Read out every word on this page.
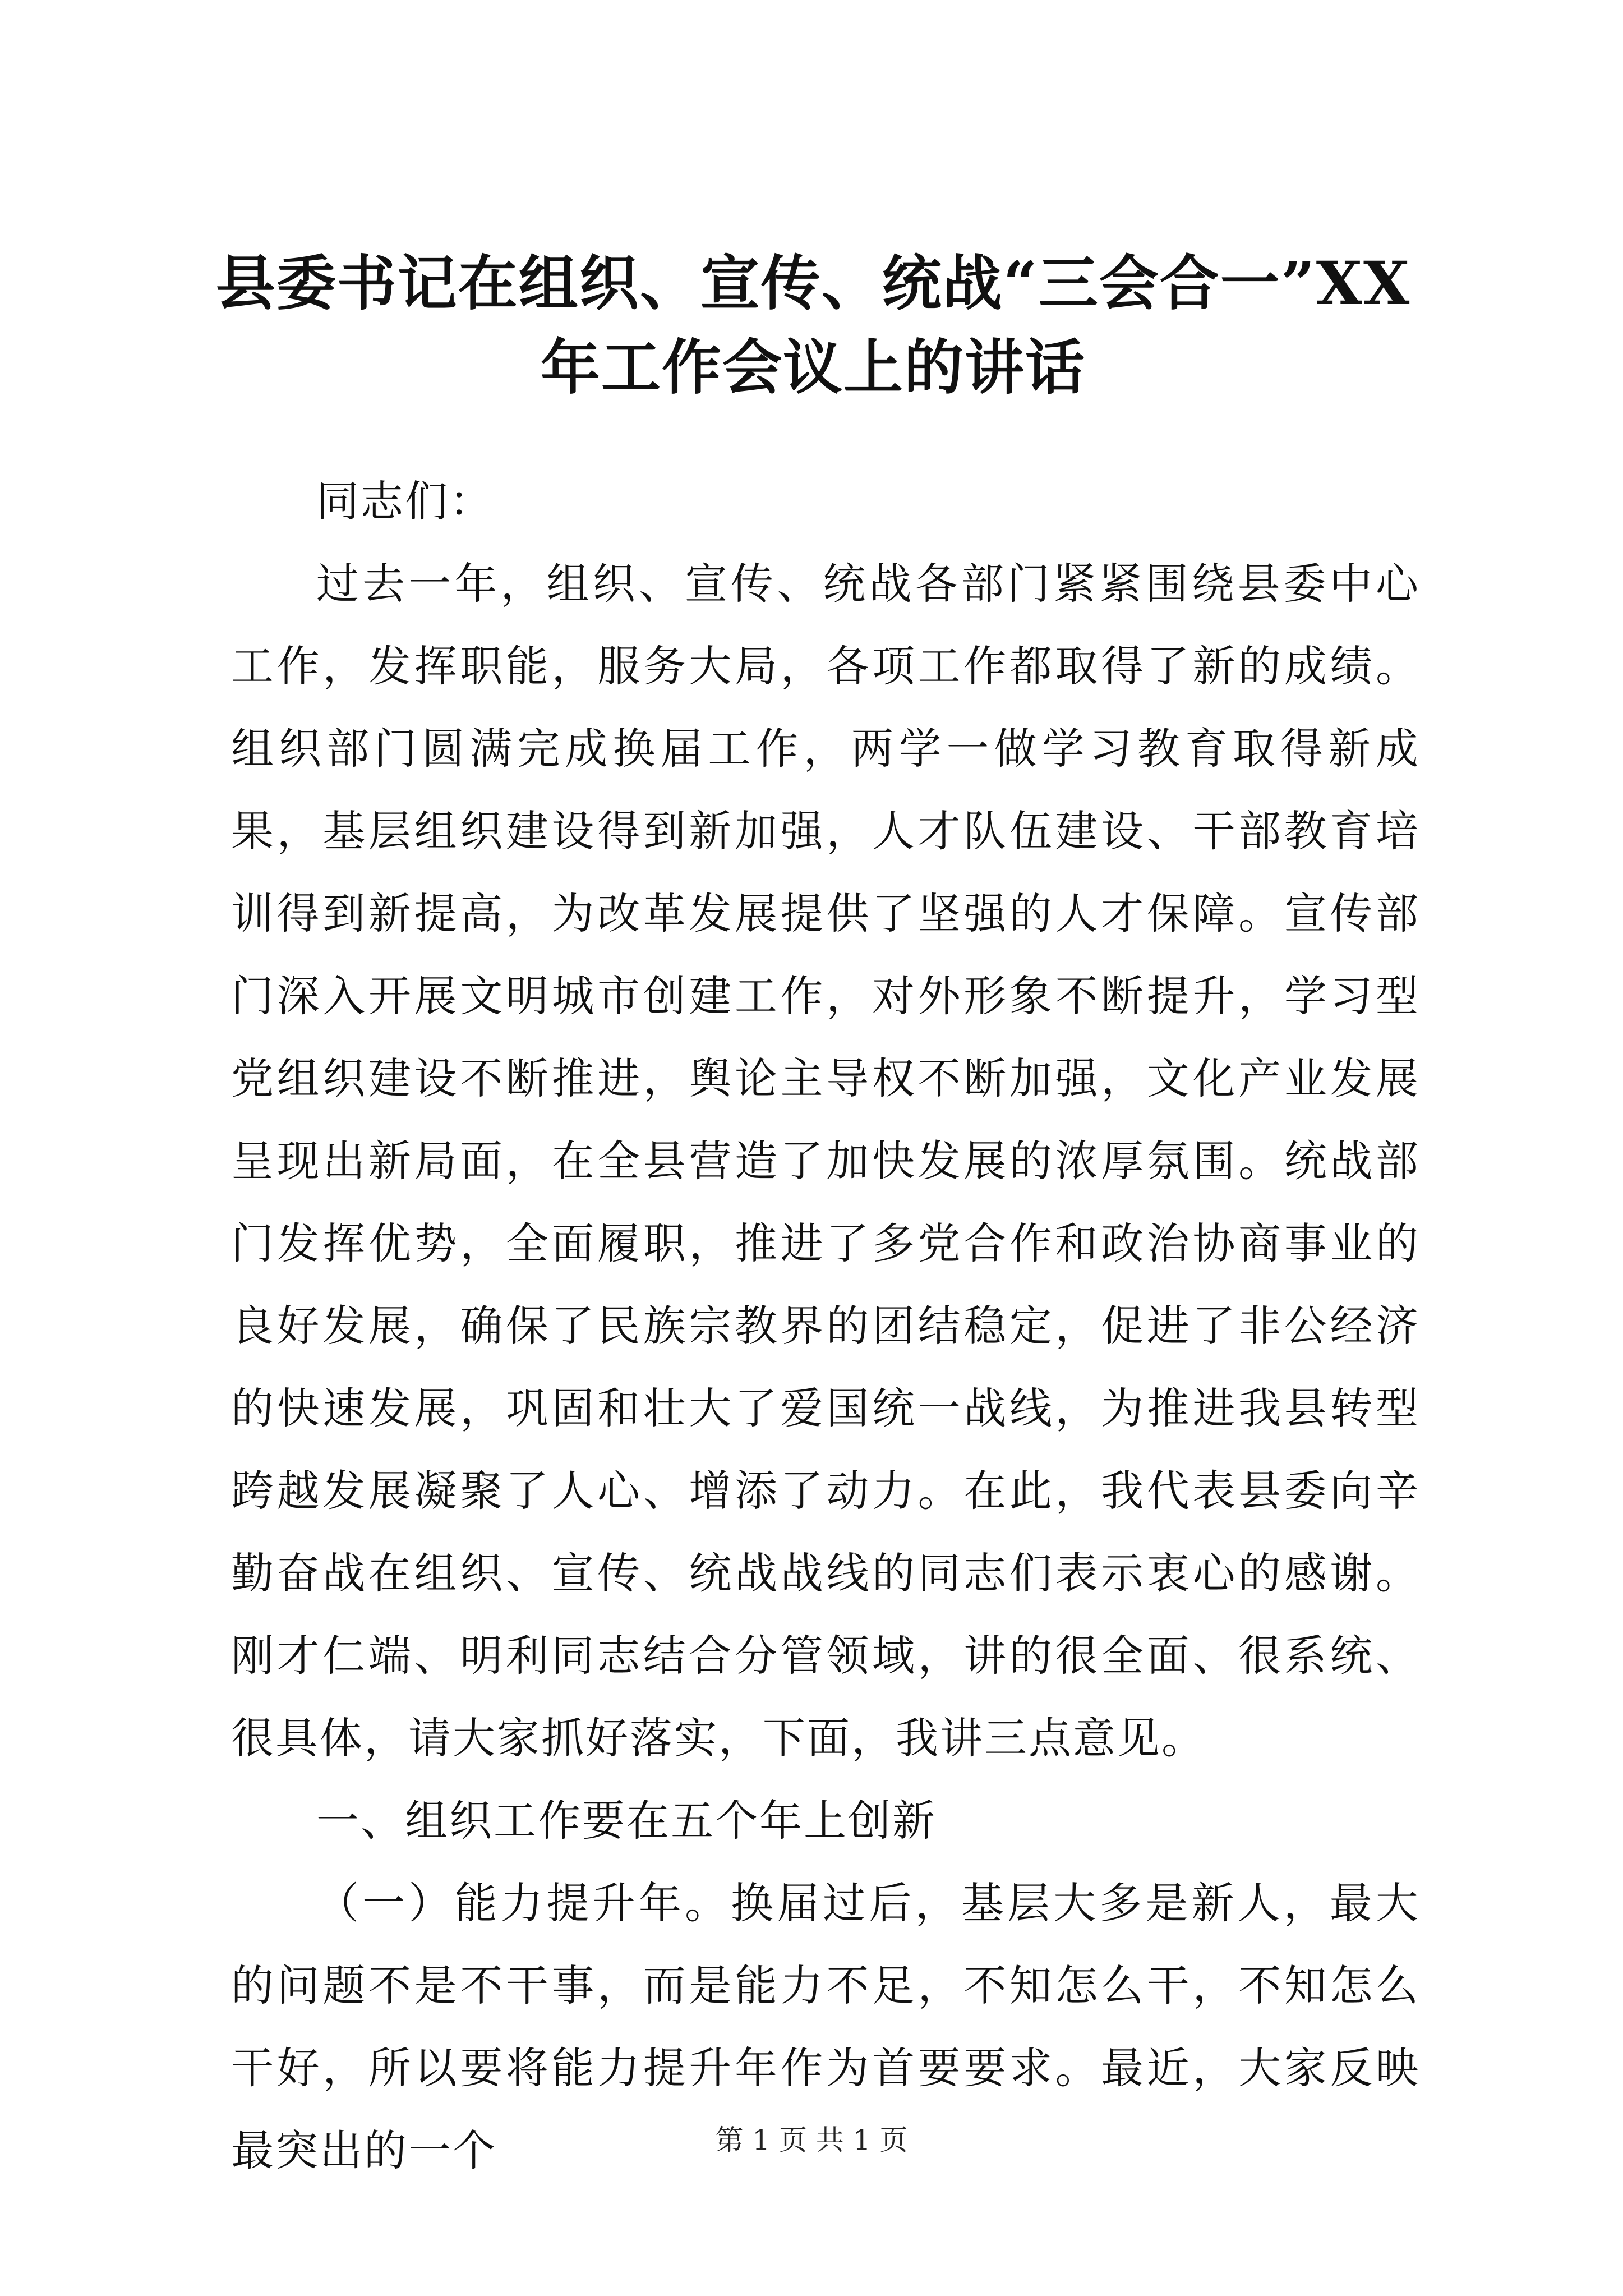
县委书记在组织、宣传、统战“三会合一”XX
年工作会议上的讲话

同志们：

过去一年，组织、宣传、统战各部门紧紧围绕县委中心工作，发挥职能，服务大局，各项工作都取得了新的成绩。组织部门圆满完成换届工作，两学一做学习教育取得新成果，基层组织建设得到新加强，人才队伍建设、干部教育培训得到新提高，为改革发展提供了坚强的人才保障。宣传部门深入开展文明城市创建工作，对外形象不断提升，学习型党组织建设不断推进，舆论主导权不断加强，文化产业发展呈现出新局面，在全县营造了加快发展的浓厚氛围。统战部门发挥优势，全面履职，推进了多党合作和政治协商事业的良好发展，确保了民族宗教界的团结稳定，促进了非公经济的快速发展，巩固和壮大了爱国统一战线，为推进我县转型跨越发展凝聚了人心、增添了动力。在此，我代表县委向辛勤奋战在组织、宣传、统战战线的同志们表示衷心的感谢。刚才仁端、明利同志结合分管领域，讲的很全面、很系统、很具体，请大家抓好落实，下面，我讲三点意见。

一、组织工作要在五个年上创新

（一）能力提升年。换届过后，基层大多是新人，最大的问题不是不干事，而是能力不足，不知怎么干，不知怎么干好，所以要将能力提升年作为首要要求。最近，大家反映最突出的一个	第 1 页 共 1 页
